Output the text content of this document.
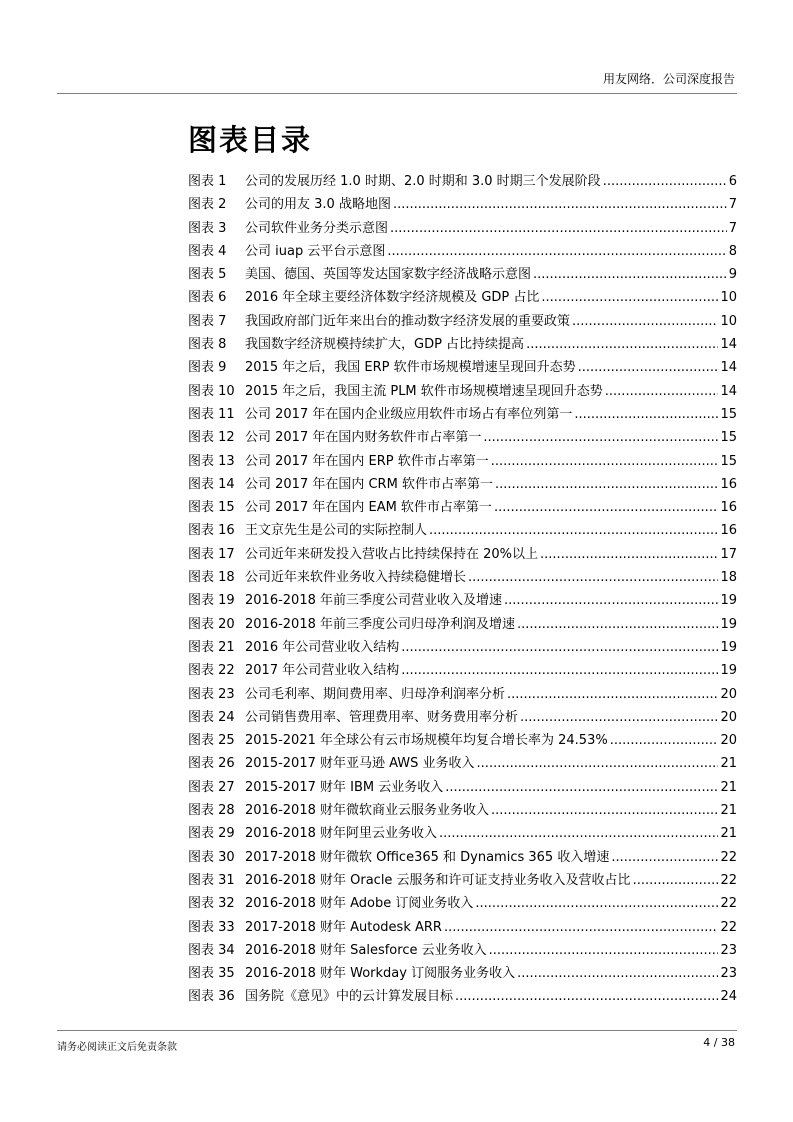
用友网络．公司深度报告
图表目录
图表 1	公司的发展历经 1.0 时期、2.0 时期和 3.0 时期三个发展阶段 .....	6
图表 2	公司的用友 3.0 战略地图 .....	7
图表 3	公司软件业务分类示意图 .....	7
图表 4	公司 iuap 云平台示意图 .....	8
图表 5	美国、德国、英国等发达国家数字经济战略示意图 .....	9
图表 6	2016 年全球主要经济体数字经济规模及 GDP 占比 .....	10
图表 7	我国政府部门近年来出台的推动数字经济发展的重要政策 .....	10
图表 8	我国数字经济规模持续扩大，GDP 占比持续提高 .....	14
图表 9	2015 年之后，我国 ERP 软件市场规模增速呈现回升态势 .....	14
图表 10 2015 年之后，我国主流 PLM 软件市场规模增速呈现回升态势 .....	14
图表 11 公司 2017 年在国内企业级应用软件市场占有率位列第一 .....	15
图表 12 公司 2017 年在国内财务软件市占率第一 .....	15
图表 13 公司 2017 年在国内 ERP 软件市占率第一 .....	15
图表 14 公司 2017 年在国内 CRM 软件市占率第一 .....	16
图表 15 公司 2017 年在国内 EAM 软件市占率第一 .....	16
图表 16 王文京先生是公司的实际控制人 .....	16
图表 17 公司近年来研发投入营收占比持续保持在 20%以上 .....	17
图表 18 公司近年来软件业务收入持续稳健增长 .....	18
图表 19 2016-2018 年前三季度公司营业收入及增速 .....	19
图表 20 2016-2018 年前三季度公司归母净利润及增速 .....	19
图表 21 2016 年公司营业收入结构 .....	19
图表 22 2017 年公司营业收入结构 .....	19
图表 23 公司毛利率、期间费用率、归母净利润率分析 .....	20
图表 24 公司销售费用率、管理费用率、财务费用率分析 .....	20
图表 25 2015-2021 年全球公有云市场规模年均复合增长率为 24.53% .....	20
图表 26 2015-2017 财年亚马逊 AWS 业务收入 .....	21
图表 27 2015-2017 财年 IBM 云业务收入 .....	21
图表 28 2016-2018 财年微软商业云服务业务收入 .....	21
图表 29 2016-2018 财年阿里云业务收入 .....	21
图表 30 2017-2018 财年微软 Office365 和 Dynamics 365 收入增速 .....	22
图表 31 2016-2018 财年 Oracle 云服务和许可证支持业务收入及营收占比 .....	22
图表 32 2016-2018 财年 Adobe 订阅业务收入 .....	22
图表 33 2017-2018 财年 Autodesk ARR .....	22
图表 34 2016-2018 财年 Salesforce 云业务收入 .....	23
图表 35 2016-2018 财年 Workday 订阅服务业务收入 .....	23
图表 36 国务院《意见》中的云计算发展目标 .....	24
请务必阅读正文后免责条款	4 / 38
